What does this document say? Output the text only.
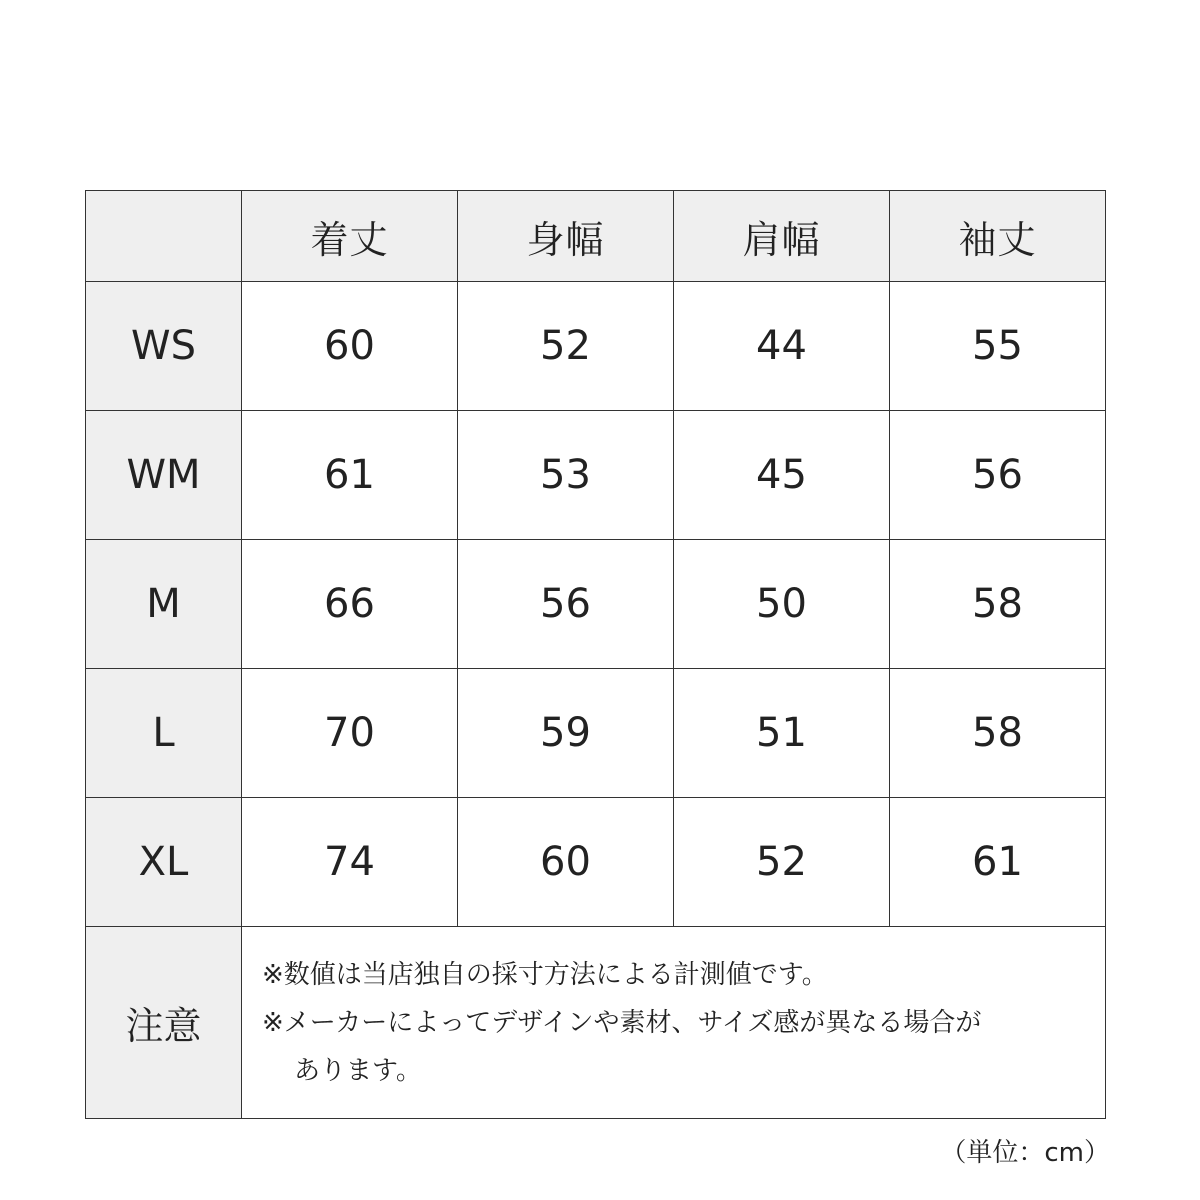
	着丈	身幅	肩幅	袖丈
WS	60	52	44	55
WM	61	53	45	56
M	66	56	50	58
L	70	59	51	58
XL	74	60	52	61
注意	※数値は当店独自の採寸方法による計測値です。
※メーカーによってデザインや素材、サイズ感が異なる場合が
あります。			
（単位：cm）
